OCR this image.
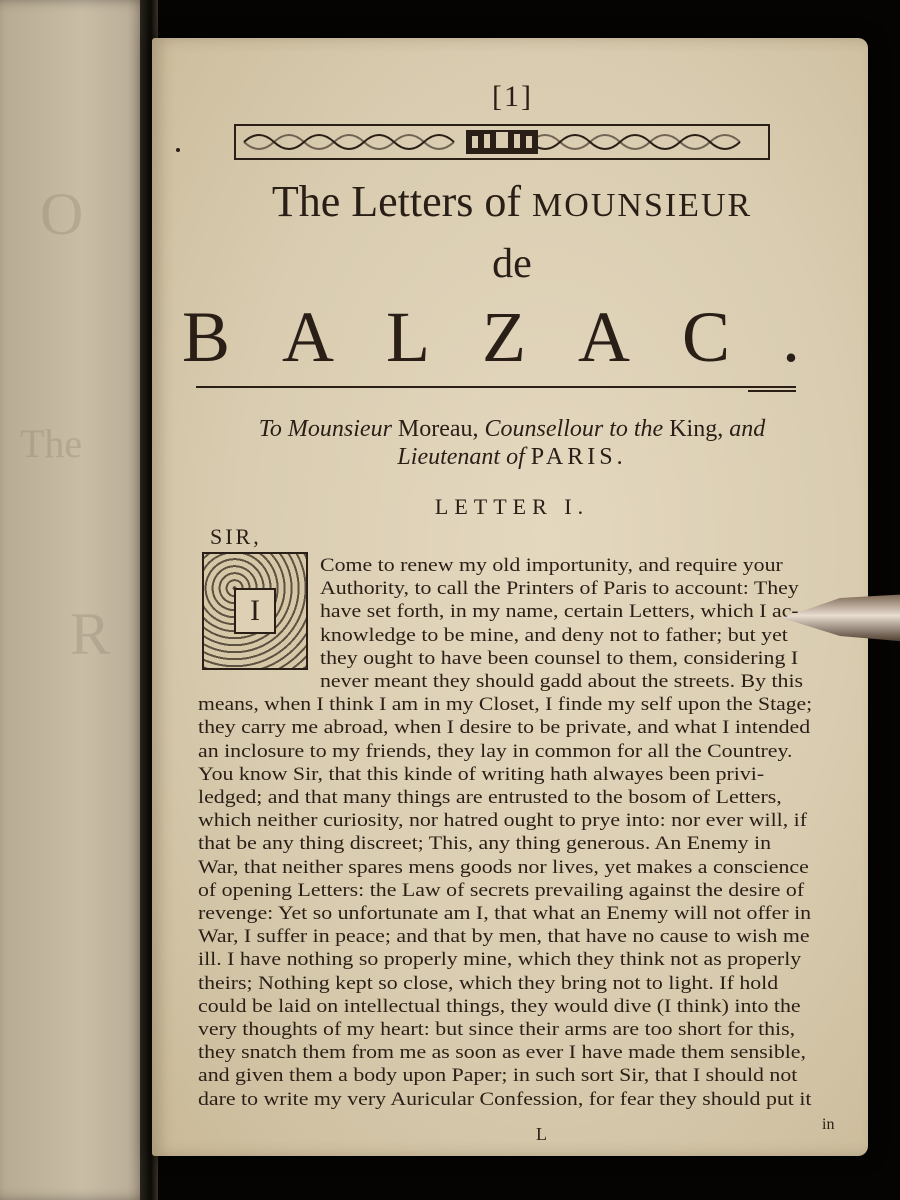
O
The
R
[1]
The Letters of MOUNSIEUR
de
BALZAC.
To Mounsieur Moreau, Counsellour to the King, and
Lieutenant of PARIS.
LETTER I.
SIR,
I
Come to renew my old importunity, and require your
Authority, to call the Printers of Paris to account: They
have set forth, in my name, certain Letters, which I ac-
knowledge to be mine, and deny not to father; but yet
they ought to have been counsel to them, considering I
never meant they should gadd about the streets. By this
means, when I think I am in my Closet, I finde my self upon the Stage;
they carry me abroad, when I desire to be private, and what I intended
an inclosure to my friends, they lay in common for all the Countrey.
You know Sir, that this kinde of writing hath alwayes been privi-
ledged; and that many things are entrusted to the bosom of Letters,
which neither curiosity, nor hatred ought to prye into: nor ever will, if
that be any thing discreet; This, any thing generous. An Enemy in
War, that neither spares mens goods nor lives, yet makes a conscience
of opening Letters: the Law of secrets prevailing against the desire of
revenge: Yet so unfortunate am I, that what an Enemy will not offer in
War, I suffer in peace; and that by men, that have no cause to wish me
ill. I have nothing so properly mine, which they think not as properly
theirs; Nothing kept so close, which they bring not to light. If hold
could be laid on intellectual things, they would dive (I think) into the
very thoughts of my heart: but since their arms are too short for this,
they snatch them from me as soon as ever I have made them sensible,
and given them a body upon Paper; in such sort Sir, that I should not
dare to write my very Auricular Confession, for fear they should put it
L	in
